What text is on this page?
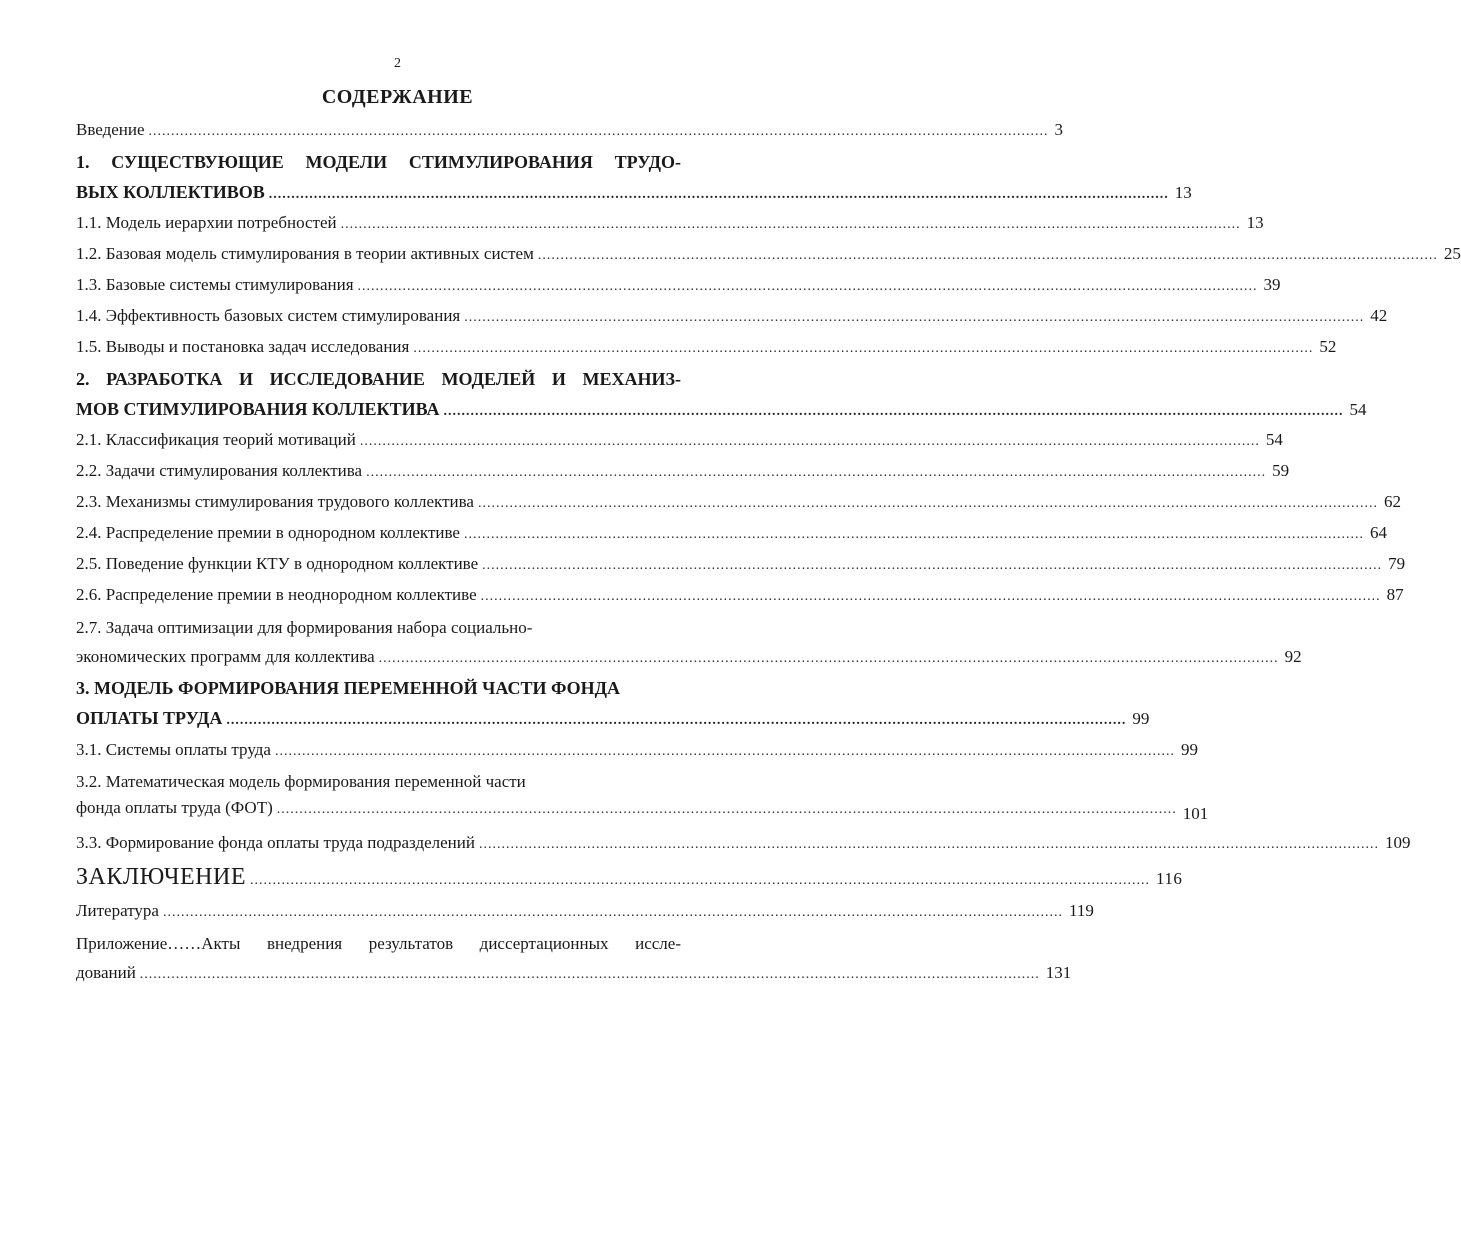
2
СОДЕРЖАНИЕ
Введение ........................................................................................................................................................................................................ 3
1. СУЩЕСТВУЮЩИЕ МОДЕЛИ СТИМУЛИРОВАНИЯ ТРУДО-
ВЫХ КОЛЛЕКТИВОВ ........................................................................................................................................................................................................ 13
1.1. Модель иерархии потребностей ........................................................................................................................................................................................................ 13
1.2. Базовая модель стимулирования в теории активных систем ........................................................................................................................................................................................................ 25
1.3. Базовые системы стимулирования ........................................................................................................................................................................................................ 39
1.4. Эффективность базовых систем стимулирования ........................................................................................................................................................................................................ 42
1.5. Выводы и постановка задач исследования ........................................................................................................................................................................................................ 52
2. РАЗРАБОТКА И ИССЛЕДОВАНИЕ МОДЕЛЕЙ И МЕХАНИЗ-
МОВ СТИМУЛИРОВАНИЯ КОЛЛЕКТИВА ........................................................................................................................................................................................................ 54
2.1. Классификация теорий мотиваций ........................................................................................................................................................................................................ 54
2.2. Задачи стимулирования коллектива ........................................................................................................................................................................................................ 59
2.3. Механизмы стимулирования трудового коллектива ........................................................................................................................................................................................................ 62
2.4. Распределение премии в однородном коллективе ........................................................................................................................................................................................................ 64
2.5. Поведение функции КТУ в однородном коллективе ........................................................................................................................................................................................................ 79
2.6. Распределение премии в неоднородном коллективе ........................................................................................................................................................................................................ 87
2.7. Задача оптимизации для формирования набора социально-
экономических программ для коллектива ........................................................................................................................................................................................................ 92
3. МОДЕЛЬ ФОРМИРОВАНИЯ ПЕРЕМЕННОЙ ЧАСТИ ФОНДА
ОПЛАТЫ ТРУДА ........................................................................................................................................................................................................ 99
3.1. Системы оплаты труда ........................................................................................................................................................................................................ 99
3.2. Математическая модель формирования переменной части
фонда оплаты труда (ФОТ) ........................................................................................................................................................................................................ 101
3.3. Формирование фонда оплаты труда подразделений ........................................................................................................................................................................................................ 109
ЗАКЛЮЧЕНИЕ ........................................................................................................................................................................................................ 116
Литература ........................................................................................................................................................................................................ 119
Приложение……Акты внедрения результатов диссертационных иссле-
дований ........................................................................................................................................................................................................ 131
